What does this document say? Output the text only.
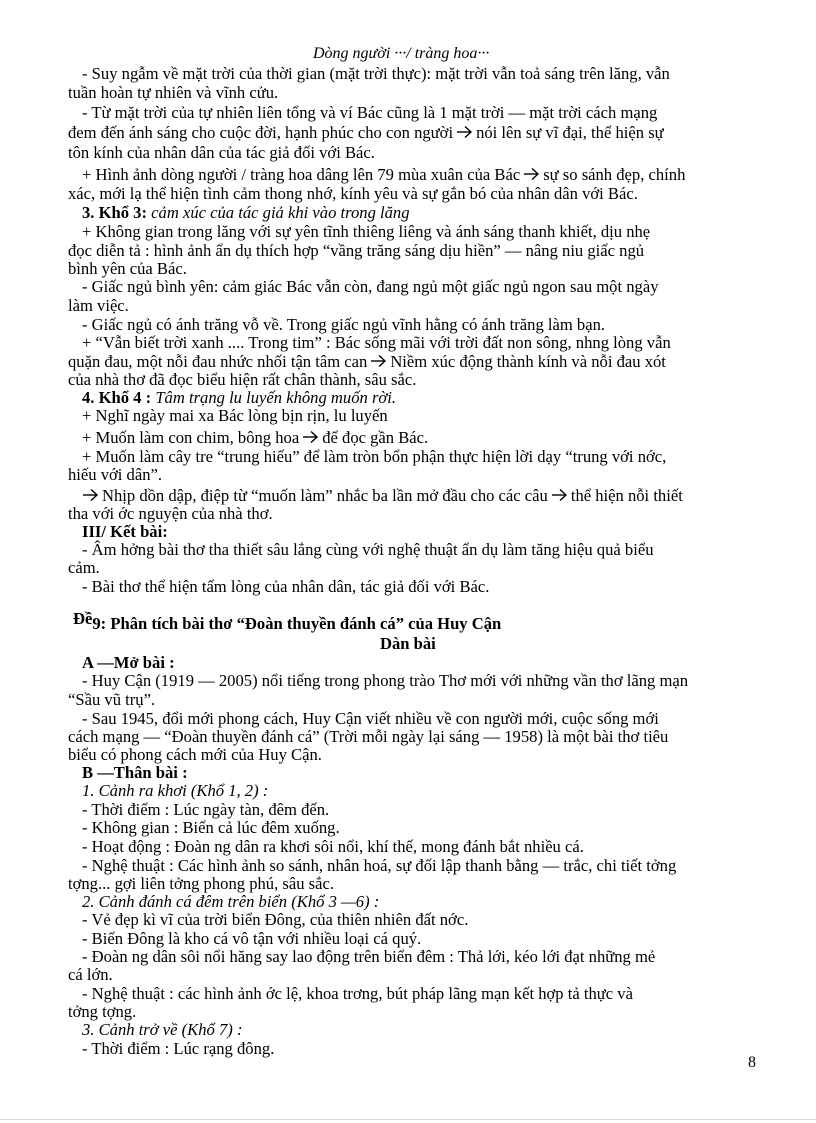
Dòng người ···/ tràng hoa···
- Suy ngẫm về mặt trời của thời gian (mặt trời thực): mặt trời vẫn toả sáng trên lăng, vẫn
tuần hoàn tự nhiên và vĩnh cửu.
- Từ mặt trời của tự nhiên liên tổng và ví Bác cũng là 1 mặt trời — mặt trời cách mạng
đem đến ánh sáng cho cuộc đời, hạnh phúc cho con người nói lên sự vĩ đại, thể hiện sự
tôn kính của nhân dân của tác giả đối với Bác.
+ Hình ảnh dòng người / tràng hoa dâng lên 79 mùa xuân của Bác sự so sánh đẹp, chính
xác, mới lạ thể hiện tình cảm thong nhớ, kính yêu và sự gắn bó của nhân dân với Bác.
3. Khổ 3: cảm xúc của tác giả khi vào trong lăng
+ Không gian trong lăng với sự yên tĩnh thiêng liêng và ánh sáng thanh khiết, dịu nhẹ
đọc diễn tả : hình ảnh ẩn dụ thích hợp “vầng trăng sáng dịu hiền” — nâng niu giấc ngủ
bình yên của Bác.
- Giấc ngủ bình yên: cảm giác Bác vẫn còn, đang ngủ một giấc ngủ ngon sau một ngày
làm việc.
- Giấc ngủ có ánh trăng vỗ về. Trong giấc ngủ vĩnh hằng có ánh trăng làm bạn.
+ “Vẫn biết trời xanh .... Trong tim” : Bác sống mãi với trời đất non sông, nhng lòng vẫn
quặn đau, một nỗi đau nhức nhối tận tâm can Niềm xúc động thành kính và nỗi đau xót
của nhà thơ đã đọc biểu hiện rất chân thành, sâu sắc.
4. Khổ 4 : Tâm trạng lu luyến không muốn rời.
+ Nghĩ ngày mai xa Bác lòng bịn rịn, lu luyến
+ Muốn làm con chim, bông hoa để đọc gần Bác.
+ Muốn làm cây tre “trung hiếu” để làm tròn bổn phận thực hiện lời dạy “trung với nớc,
hiếu với dân”.
Nhịp dồn dập, điệp từ “muốn làm” nhắc ba lần mở đầu cho các câu thể hiện nỗi thiết
tha với ớc nguyện của nhà thơ.
III/ Kết bài:
- Âm hởng bài thơ tha thiết sâu lắng cùng với nghệ thuật ẩn dụ làm tăng hiệu quả biểu
cảm.
- Bài thơ thể hiện tấm lòng của nhân dân, tác giả đối với Bác.
Đề9: Phân tích bài thơ “Đoàn thuyền đánh cá” của Huy Cận
Dàn bài
A —Mở bài :
- Huy Cận (1919 — 2005) nổi tiếng trong phong trào Thơ mới với những vần thơ lãng mạn
“Sầu vũ trụ”.
- Sau 1945, đổi mới phong cách, Huy Cận viết nhiều về con người mới, cuộc sống mới
cách mạng — “Đoàn thuyền đánh cá” (Trời mỗi ngày lại sáng — 1958) là một bài thơ tiêu
biểu có phong cách mới của Huy Cận.
B —Thân bài :
1. Cảnh ra khơi (Khổ 1, 2) :
- Thời điểm : Lúc ngày tàn, đêm đến.
- Không gian : Biển cả lúc đêm xuống.
- Hoạt động : Đoàn ng dân ra khơi sôi nổi, khí thế, mong đánh bắt nhiều cá.
- Nghệ thuật : Các hình ảnh so sánh, nhân hoá, sự đối lập thanh bằng — trắc, chi tiết tởng
tợng... gợi liên tởng phong phú, sâu sắc.
2. Cảnh đánh cá đêm trên biển (Khổ 3 —6) :
- Vẻ đẹp kì vĩ của trời biển Đông, của thiên nhiên đất nớc.
- Biển Đông là kho cá vô tận với nhiều loại cá quý.
- Đoàn ng dân sôi nổi hăng say lao động trên biển đêm : Thả lới, kéo lới đạt những mẻ
cá lớn.
- Nghệ thuật : các hình ảnh ớc lệ, khoa trơng, bút pháp lãng mạn kết hợp tả thực và
tởng tợng.
3. Cảnh trở về (Khổ 7) :
- Thời điểm : Lúc rạng đông.
8
